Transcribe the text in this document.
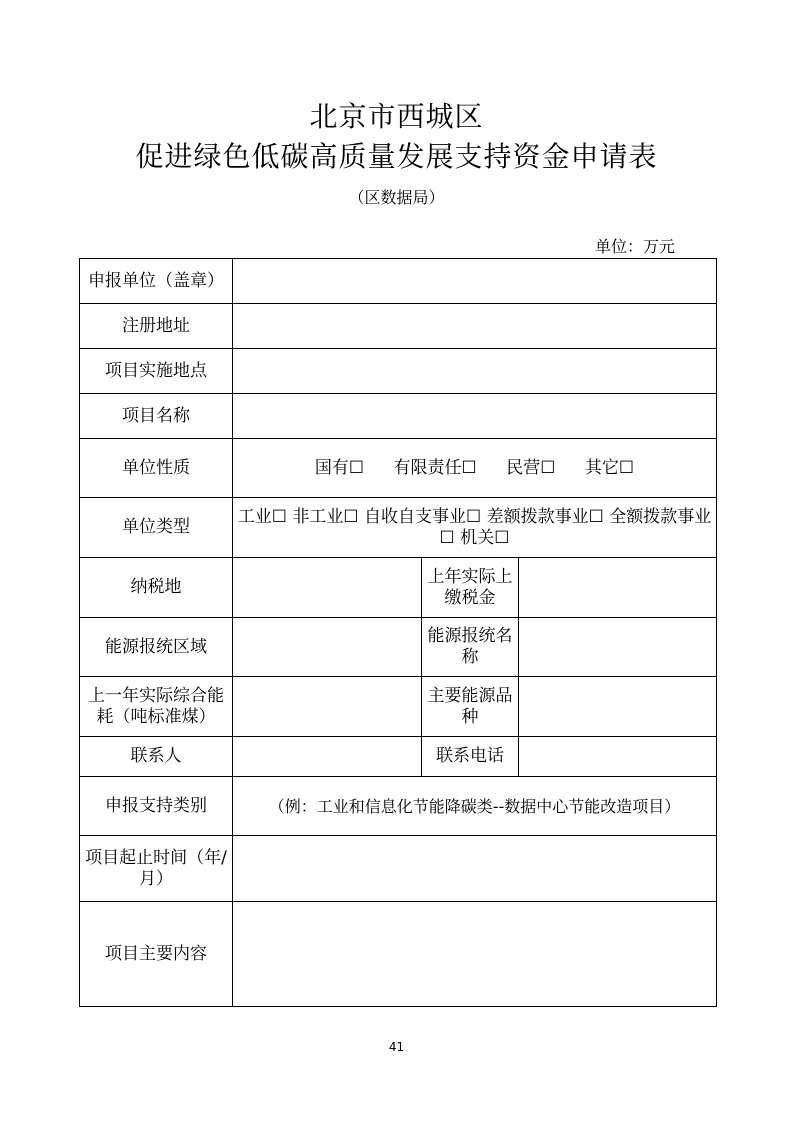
北京市西城区
促进绿色低碳高质量发展支持资金申请表
（区数据局）
单位：万元
申报单位（盖章）			
注册地址			
项目实施地点			
项目名称			
单位性质	国有☐ 有限责任☐ 民营☐ 其它☐		
单位类型	工业☐ 非工业☐ 自收自支事业☐ 差额拨款事业☐ 全额拨款事业☐ 机关☐		
纳税地		上年实际上缴税金	
能源报统区域		能源报统名称	
上一年实际综合能耗（吨标准煤）		主要能源品种	
联系人		联系电话	
申报支持类别	（例：工业和信息化节能降碳类--数据中心节能改造项目）		
项目起止时间（年/月）			
项目主要内容			
41
